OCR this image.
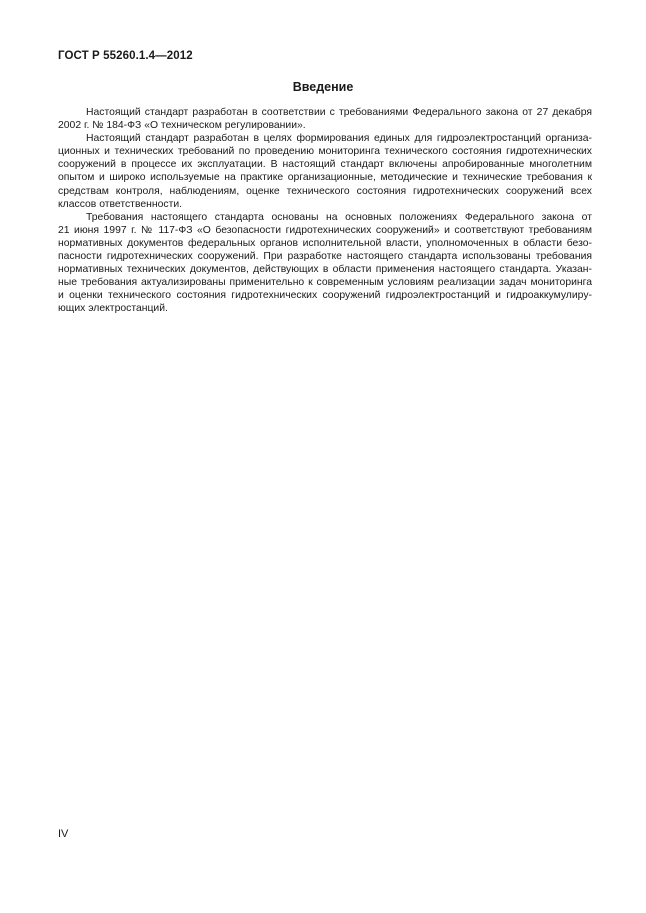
ГОСТ Р 55260.1.4—2012
Введение
Настоящий стандарт разработан в соответствии с требованиями Федерального закона от 27 декабря
2002 г. № 184-ФЗ «О техническом регулировании».
Настоящий стандарт разработан в целях формирования единых для гидроэлектростанций организа-
ционных и технических требований по проведению мониторинга технического состояния гидротехнических
сооружений в процессе их эксплуатации. В настоящий стандарт включены апробированные многолетним
опытом и широко используемые на практике организационные, методические и технические требования к
средствам контроля, наблюдениям, оценке технического состояния гидротехнических сооружений всех
классов ответственности.
Требования настоящего стандарта основаны на основных положениях Федерального закона от
21 июня 1997 г. № 117-ФЗ «О безопасности гидротехнических сооружений» и соответствуют требованиям
нормативных документов федеральных органов исполнительной власти, уполномоченных в области безо-
пасности гидротехнических сооружений. При разработке настоящего стандарта использованы требования
нормативных технических документов, действующих в области применения настоящего стандарта. Указан-
ные требования актуализированы применительно к современным условиям реализации задач мониторинга
и оценки технического состояния гидротехнических сооружений гидроэлектростанций и гидроаккумулиру-
ющих электростанций.
IV
